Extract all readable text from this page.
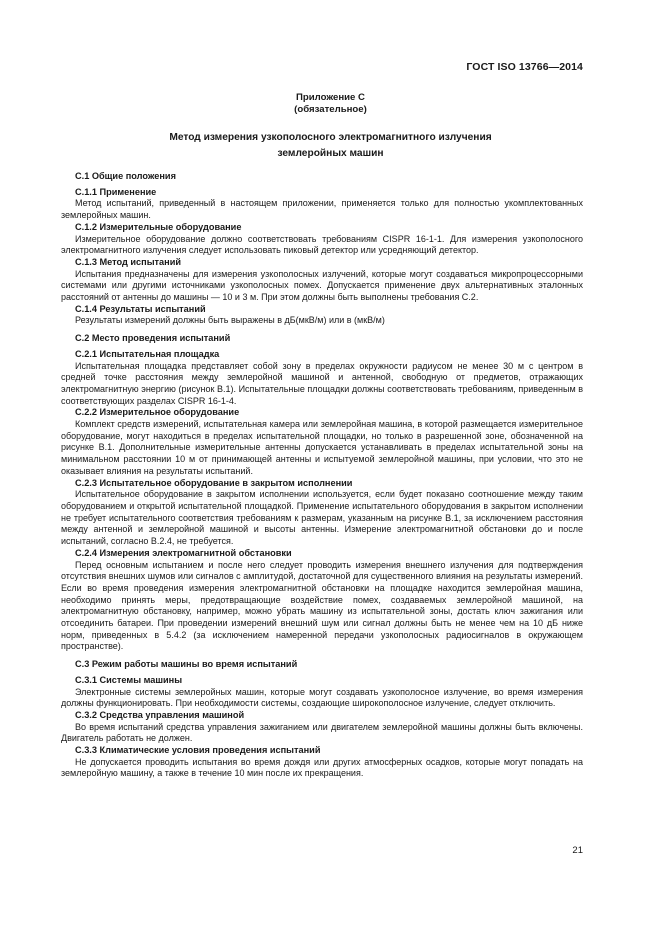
ГОСТ ISO 13766—2014
Приложение С
(обязательное)
Метод измерения узкополосного электромагнитного излучения
землеройных машин
С.1 Общие положения
С.1.1 Применение

Метод испытаний, приведенный в настоящем приложении, применяется только для полностью укомплектованных землеройных машин.

С.1.2 Измерительные оборудование

Измерительное оборудование должно соответствовать требованиям CISPR 16-1-1. Для измерения узкополосного электромагнитного излучения следует использовать пиковый детектор или усредняющий детектор.

С.1.3 Метод испытаний

Испытания предназначены для измерения узкополосных излучений, которые могут создаваться микропроцессорными системами или другими источниками узкополосных помех. Допускается применение двух альтернативных эталонных расстояний от антенны до машины — 10 и 3 м. При этом должны быть выполнены требования С.2.

С.1.4 Результаты испытаний

Результаты измерений должны быть выражены в дБ(мкВ/м) или в (мкВ/м)

С.2 Место проведения испытаний
С.2.1 Испытательная площадка

Испытательная площадка представляет собой зону в пределах окружности радиусом не менее 30 м с центром в средней точке расстояния между землеройной машиной и антенной, свободную от предметов, отражающих электромагнитную энергию (рисунок В.1). Испытательные площадки должны соответствовать требованиям, приведенным в соответствующих разделах CISPR 16-1-4.

С.2.2 Измерительное оборудование

Комплект средств измерений, испытательная камера или землеройная машина, в которой размещается измерительное оборудование, могут находиться в пределах испытательной площадки, но только в разрешенной зоне, обозначенной на рисунке В.1. Дополнительные измерительные антенны допускается устанавливать в пределах испытательной зоны на минимальном расстоянии 10 м от принимающей антенны и испытуемой землеройной машины, при условии, что это не оказывает влияния на результаты испытаний.

С.2.3 Испытательное оборудование в закрытом исполнении

Испытательное оборудование в закрытом исполнении используется, если будет показано соотношение между таким оборудованием и открытой испытательной площадкой. Применение испытательного оборудования в закрытом исполнении не требует испытательного соответствия требованиям к размерам, указанным на рисунке В.1, за исключением расстояния между антенной и землеройной машиной и высоты антенны. Измерение электромагнитной обстановки до и после испытаний, согласно В.2.4, не требуется.

С.2.4 Измерения электромагнитной обстановки

Перед основным испытанием и после него следует проводить измерения внешнего излучения для подтверждения отсутствия внешних шумов или сигналов с амплитудой, достаточной для существенного влияния на результаты измерений. Если во время проведения измерения электромагнитной обстановки на площадке находится землеройная машина, необходимо принять меры, предотвращающие воздействие помех, создаваемых землеройной машиной, на электромагнитную обстановку, например, можно убрать машину из испытательной зоны, достать ключ зажигания или отсоединить батареи. При проведении измерений внешний шум или сигнал должны быть не менее чем на 10 дБ ниже норм, приведенных в 5.4.2 (за исключением намеренной передачи узкополосных радиосигналов в окружающем пространстве).

С.3 Режим работы машины во время испытаний
С.3.1 Системы машины

Электронные системы землеройных машин, которые могут создавать узкополосное излучение, во время измерения должны функционировать. При необходимости системы, создающие широкополосное излучение, следует отключить.

С.3.2 Средства управления машиной

Во время испытаний средства управления зажиганием или двигателем землеройной машины должны быть включены. Двигатель работать не должен.

С.3.3 Климатические условия проведения испытаний

Не допускается проводить испытания во время дождя или других атмосферных осадков, которые могут попадать на землеройную машину, а также в течение 10 мин после их прекращения.

21
